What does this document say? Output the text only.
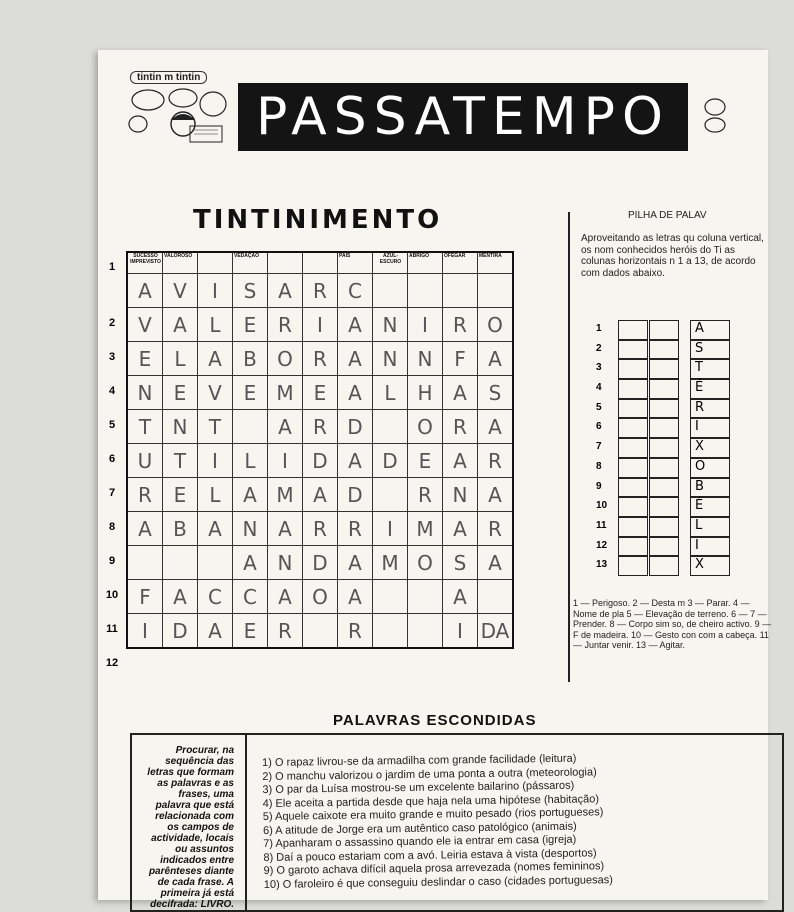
tintin m tintin
PASSATEMPO
TINTINIMENTO
1
2
3
4
5
6
7
8
9
10
11
12
SUCESSO IMPREVISTO	VALOROSO		VEDAÇÃO			PAÍS	AZUL-ESCURO	ABRIGO	OFEGAR	MENTIRA

A	V	I	S	A	R	C				
V	A	L	E	R	I	A	N	I	R	O
E	L	A	B	O	R	A	N	N	F	A
N	E	V	E	M	E	A	L	H	A	S
T	N	T		A	R	D		O	R	A
U	T	I	L	I	D	A	D	E	A	R
R	E	L	A	M	A	D		R	N	A
A	B	A	N	A	R	R	I	M	A	R
			A	N	D	A	M	O	S	A
F	A	C	C	A	O	A			A	
I	D	A	E	R		R			I	DA
PILHA DE PALAV
Aproveitando as letras qu coluna vertical, os nom conhecidos heróis do Ti as colunas horizontais n 1 a 13, de acordo com dados abaixo.
1	A
2	S
3	T
4	É
5	R
6	I
7	X
8	O
9	B
10	É
11	L
12	I
13	X
1 — Perigoso. 2 — Desta m 3 — Parar. 4 — Nome de pla 5 — Elevação de terreno. 6 — 7 — Prender. 8 — Corpo sim so, de cheiro activo. 9 — F de madeira. 10 — Gesto con com a cabeça. 11 — Juntar venir. 13 — Agitar.
PALAVRAS ESCONDIDAS
Procurar, na sequência das letras que formam as palavras e as frases, uma palavra que está relacionada com os campos de actividade, locais ou assuntos indicados entre parênteses diante de cada frase. A primeira já está decifrada: LIVRO.
1) O rapaz livrou-se da armadilha com grande facilidade (leitura)
2) O manchu valorizou o jardim de uma ponta a outra (meteorologia)
3) O par da Luísa mostrou-se um excelente bailarino (pássaros)
4) Ele aceita a partida desde que haja nela uma hipótese (habitação)
5) Aquele caixote era muito grande e muito pesado (rios portugueses)
6) A atitude de Jorge era um autêntico caso patológico (animais)
7) Apanharam o assassino quando ele ia entrar em casa (igreja)
8) Daí a pouco estariam com a avó. Leiria estava à vista (desportos)
9) O garoto achava difícil aquela prosa arrevezada (nomes femininos)
10) O faroleiro é que conseguiu deslindar o caso (cidades portuguesas)
